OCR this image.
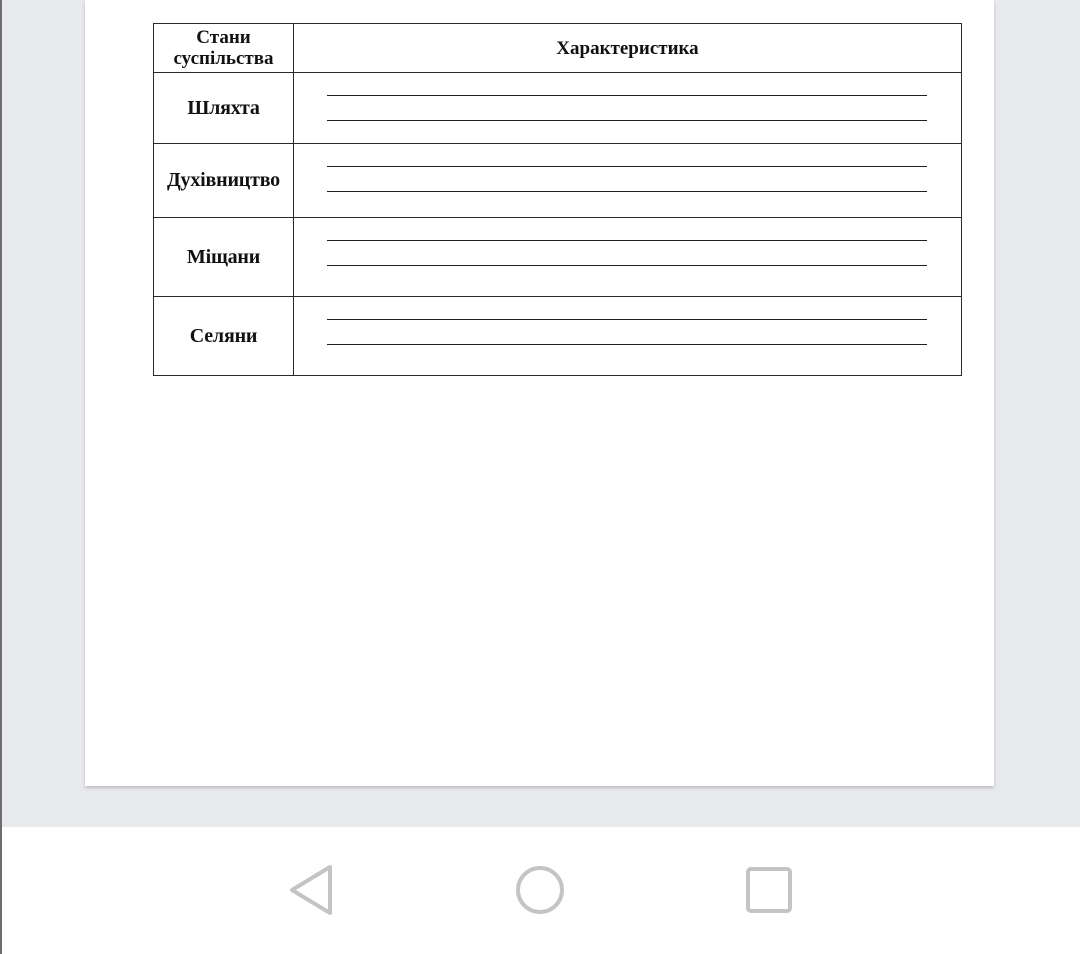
Стани суспільства	Характеристика
Шляхта	

Духівництво	

Міщани	

Селяни	
